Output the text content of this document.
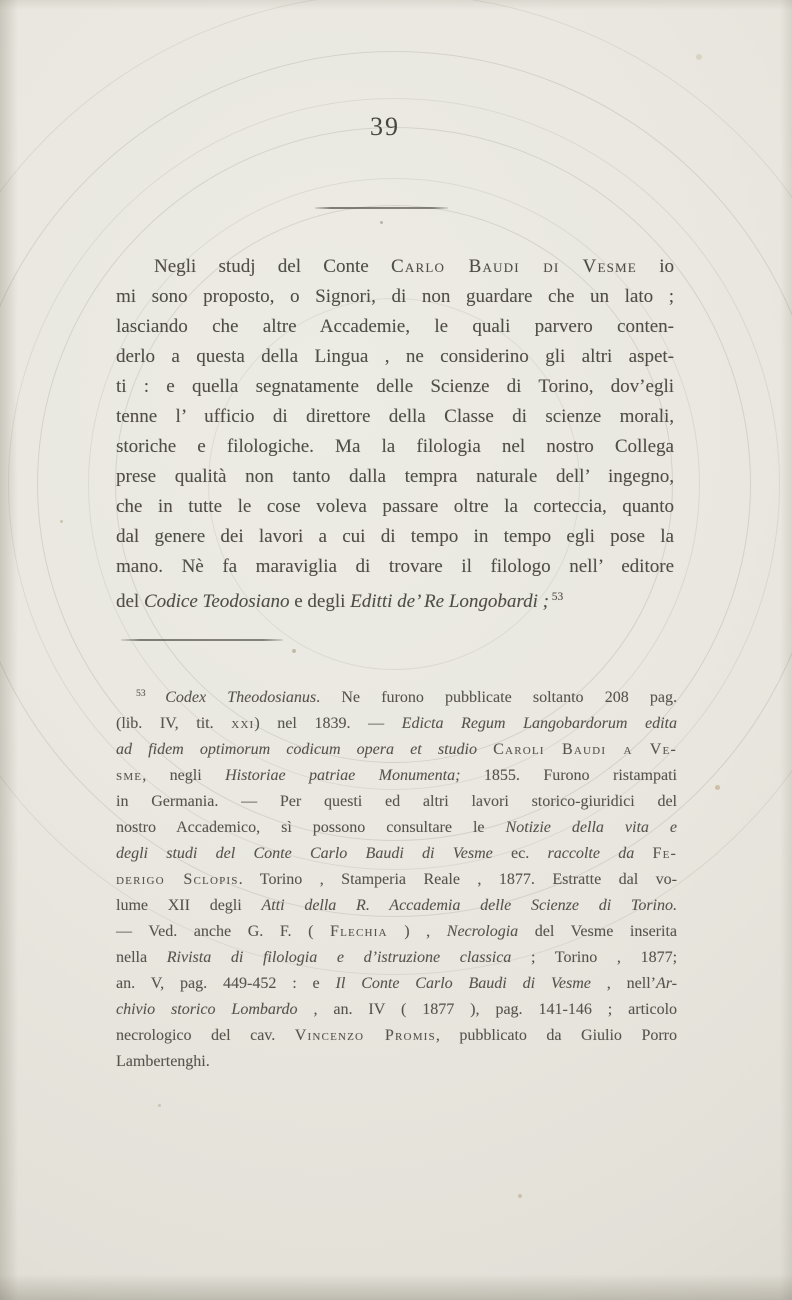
39
Negli studj del Conte Carlo Baudi di Vesme io
mi sono proposto, o Signori, di non guardare che un lato ;
lasciando che altre Accademie, le quali parvero conten-
derlo a questa della Lingua , ne considerino gli altri aspet-
ti : e quella segnatamente delle Scienze di Torino, dov’egli
tenne l’ ufficio di direttore della Classe di scienze morali,
storiche e filologiche. Ma la filologia nel nostro Collega
prese qualità non tanto dalla tempra naturale dell’ ingegno,
che in tutte le cose voleva passare oltre la corteccia, quanto
dal genere dei lavori a cui di tempo in tempo egli pose la
mano. Nè fa maraviglia di trovare il filologo nell’ editore
del Codice Teodosiano e degli Editti de’ Re Longobardi ; $^{53}$
$^{53}$ Codex Theodosianus. Ne furono pubblicate soltanto 208 pag.
(lib. IV, tit. xxi) nel 1839. — Edicta Regum Langobardorum edita
ad fidem optimorum codicum opera et studio Caroli Baudi a Ve-
sme, negli Historiae patriae Monumenta; 1855. Furono ristampati
in Germania. — Per questi ed altri lavori storico-giuridici del
nostro Accademico, sì possono consultare le Notizie della vita e
degli studi del Conte Carlo Baudi di Vesme ec. raccolte da Fe-
derigo Sclopis. Torino , Stamperia Reale , 1877. Estratte dal vo-
lume XII degli Atti della R. Accademia delle Scienze di Torino.
— Ved. anche G. F. ( Flechia ) , Necrologia del Vesme inserita
nella Rivista di filologia e d’istruzione classica ; Torino , 1877;
an. V, pag. 449-452 : e Il Conte Carlo Baudi di Vesme , nell’Ar-
chivio storico Lombardo , an. IV ( 1877 ), pag. 141-146 ; articolo
necrologico del cav. Vincenzo Promis, pubblicato da Giulio Porro
Lambertenghi.
